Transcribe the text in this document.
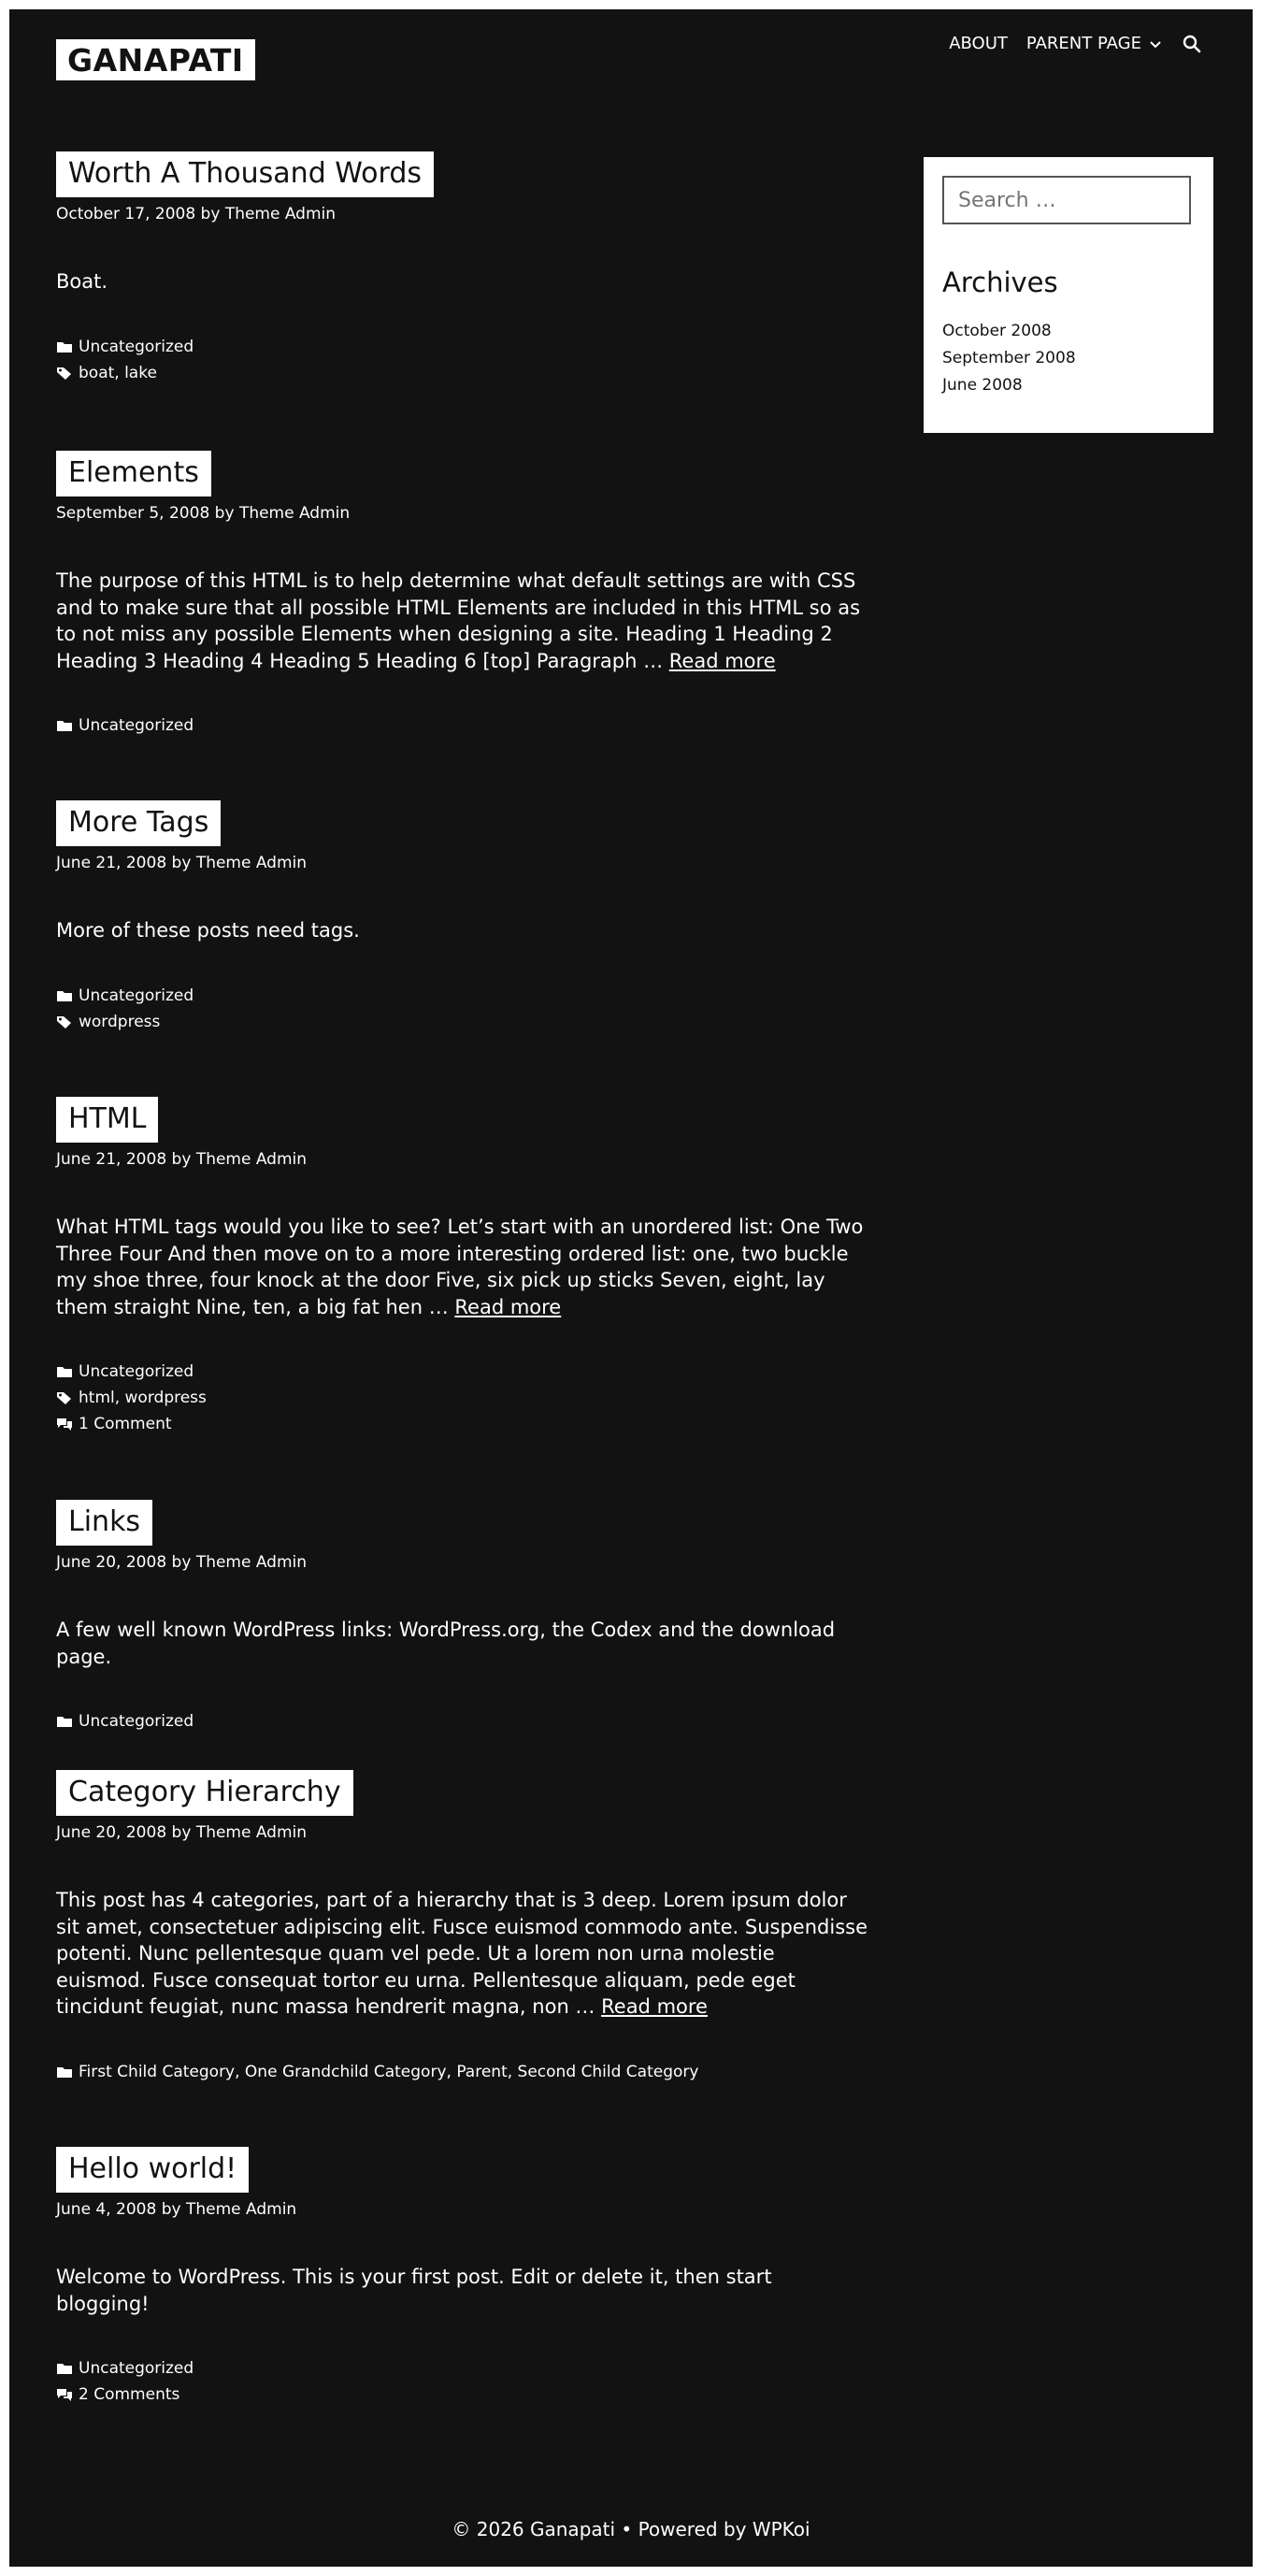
GANAPATI	ABOUT PARENT PAGE
Worth A Thousand Words
October 17, 2008 by Theme Admin
Boat.
Uncategorized
boat, lake
Elements
September 5, 2008 by Theme Admin
The purpose of this HTML is to help determine what default settings are with CSS and to make sure that all possible HTML Elements are included in this HTML so as to not miss any possible Elements when designing a site. Heading 1 Heading 2 Heading 3 Heading 4 Heading 5 Heading 6 [top] Paragraph … Read more
Uncategorized
More Tags
June 21, 2008 by Theme Admin
More of these posts need tags.
Uncategorized
wordpress
HTML
June 21, 2008 by Theme Admin
What HTML tags would you like to see? Let’s start with an unordered list: One Two Three Four And then move on to a more interesting ordered list: one, two buckle my shoe three, four knock at the door Five, six pick up sticks Seven, eight, lay them straight Nine, ten, a big fat hen … Read more
Uncategorized
html, wordpress
1 Comment
Links
June 20, 2008 by Theme Admin
A few well known WordPress links: WordPress.org, the Codex and the download page.
Uncategorized
Category Hierarchy
June 20, 2008 by Theme Admin
This post has 4 categories, part of a hierarchy that is 3 deep. Lorem ipsum dolor sit amet, consectetuer adipiscing elit. Fusce euismod commodo ante. Suspendisse potenti. Nunc pellentesque quam vel pede. Ut a lorem non urna molestie euismod. Fusce consequat tortor eu urna. Pellentesque aliquam, pede eget tincidunt feugiat, nunc massa hendrerit magna, non … Read more
First Child Category, One Grandchild Category, Parent, Second Child Category
Hello world!
June 4, 2008 by Theme Admin
Welcome to WordPress. This is your first post. Edit or delete it, then start blogging!
Uncategorized
2 Comments
Search …
Archives
October 2008
September 2008
June 2008
© 2026 Ganapati • Powered by WPKoi
